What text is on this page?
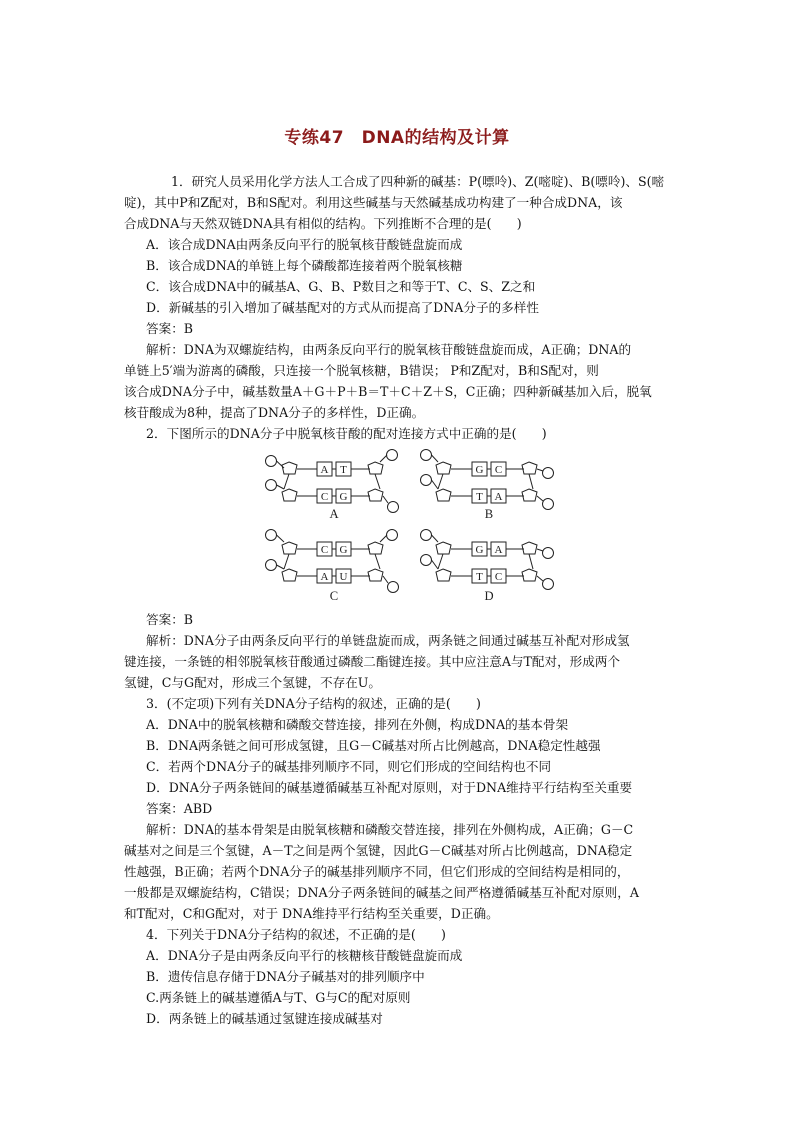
专练47　DNA的结构及计算
1．研究人员采用化学方法人工合成了四种新的碱基：P(嘌呤)、Z(嘧啶)、B(嘌呤)、S(嘧
啶)，其中P和Z配对，B和S配对。利用这些碱基与天然碱基成功构建了一种合成DNA，该
合成DNA与天然双链DNA具有相似的结构。下列推断不合理的是(　　)
A．该合成DNA由两条反向平行的脱氧核苷酸链盘旋而成
B．该合成DNA的单链上每个磷酸都连接着两个脱氧核糖
C．该合成DNA中的碱基A、G、B、P数目之和等于T、C、S、Z之和
D．新碱基的引入增加了碱基配对的方式从而提高了DNA分子的多样性
答案：B
解析：DNA为双螺旋结构，由两条反向平行的脱氧核苷酸链盘旋而成，A正确；DNA的
单链上5′端为游离的磷酸，只连接一个脱氧核糖，B错误； P和Z配对，B和S配对，则
该合成DNA分子中，碱基数量A＋G＋P＋B＝T＋C＋Z＋S，C正确；四种新碱基加入后，脱氧
核苷酸成为8种，提高了DNA分子的多样性，D正确。
2．下图所示的DNA分子中脱氧核苷酸的配对连接方式中正确的是(　　)
A T
C G
A
G C
T A
B
C G
A U
C
G A
T C
D
答案：B
解析：DNA分子由两条反向平行的单链盘旋而成，两条链之间通过碱基互补配对形成氢
键连接，一条链的相邻脱氧核苷酸通过磷酸二酯键连接。其中应注意A与T配对，形成两个
氢键，C与G配对，形成三个氢键，不存在U。
3．(不定项)下列有关DNA分子结构的叙述，正确的是(　　)
A．DNA中的脱氧核糖和磷酸交替连接，排列在外侧，构成DNA的基本骨架
B．DNA两条链之间可形成氢键，且G－C碱基对所占比例越高，DNA稳定性越强
C．若两个DNA分子的碱基排列顺序不同，则它们形成的空间结构也不同
D．DNA分子两条链间的碱基遵循碱基互补配对原则，对于DNA维持平行结构至关重要
答案：ABD
解析：DNA的基本骨架是由脱氧核糖和磷酸交替连接，排列在外侧构成，A正确；G－C
碱基对之间是三个氢键，A－T之间是两个氢键，因此G－C碱基对所占比例越高，DNA稳定
性越强，B正确；若两个DNA分子的碱基排列顺序不同，但它们形成的空间结构是相同的，
一般都是双螺旋结构，C错误；DNA分子两条链间的碱基之间严格遵循碱基互补配对原则，A
和T配对，C和G配对，对于 DNA维持平行结构至关重要，D正确。
4．下列关于DNA分子结构的叙述，不正确的是(　　)
A．DNA分子是由两条反向平行的核糖核苷酸链盘旋而成
B．遗传信息存储于DNA分子碱基对的排列顺序中
C.两条链上的碱基遵循A与T、G与C的配对原则
D．两条链上的碱基通过氢键连接成碱基对
